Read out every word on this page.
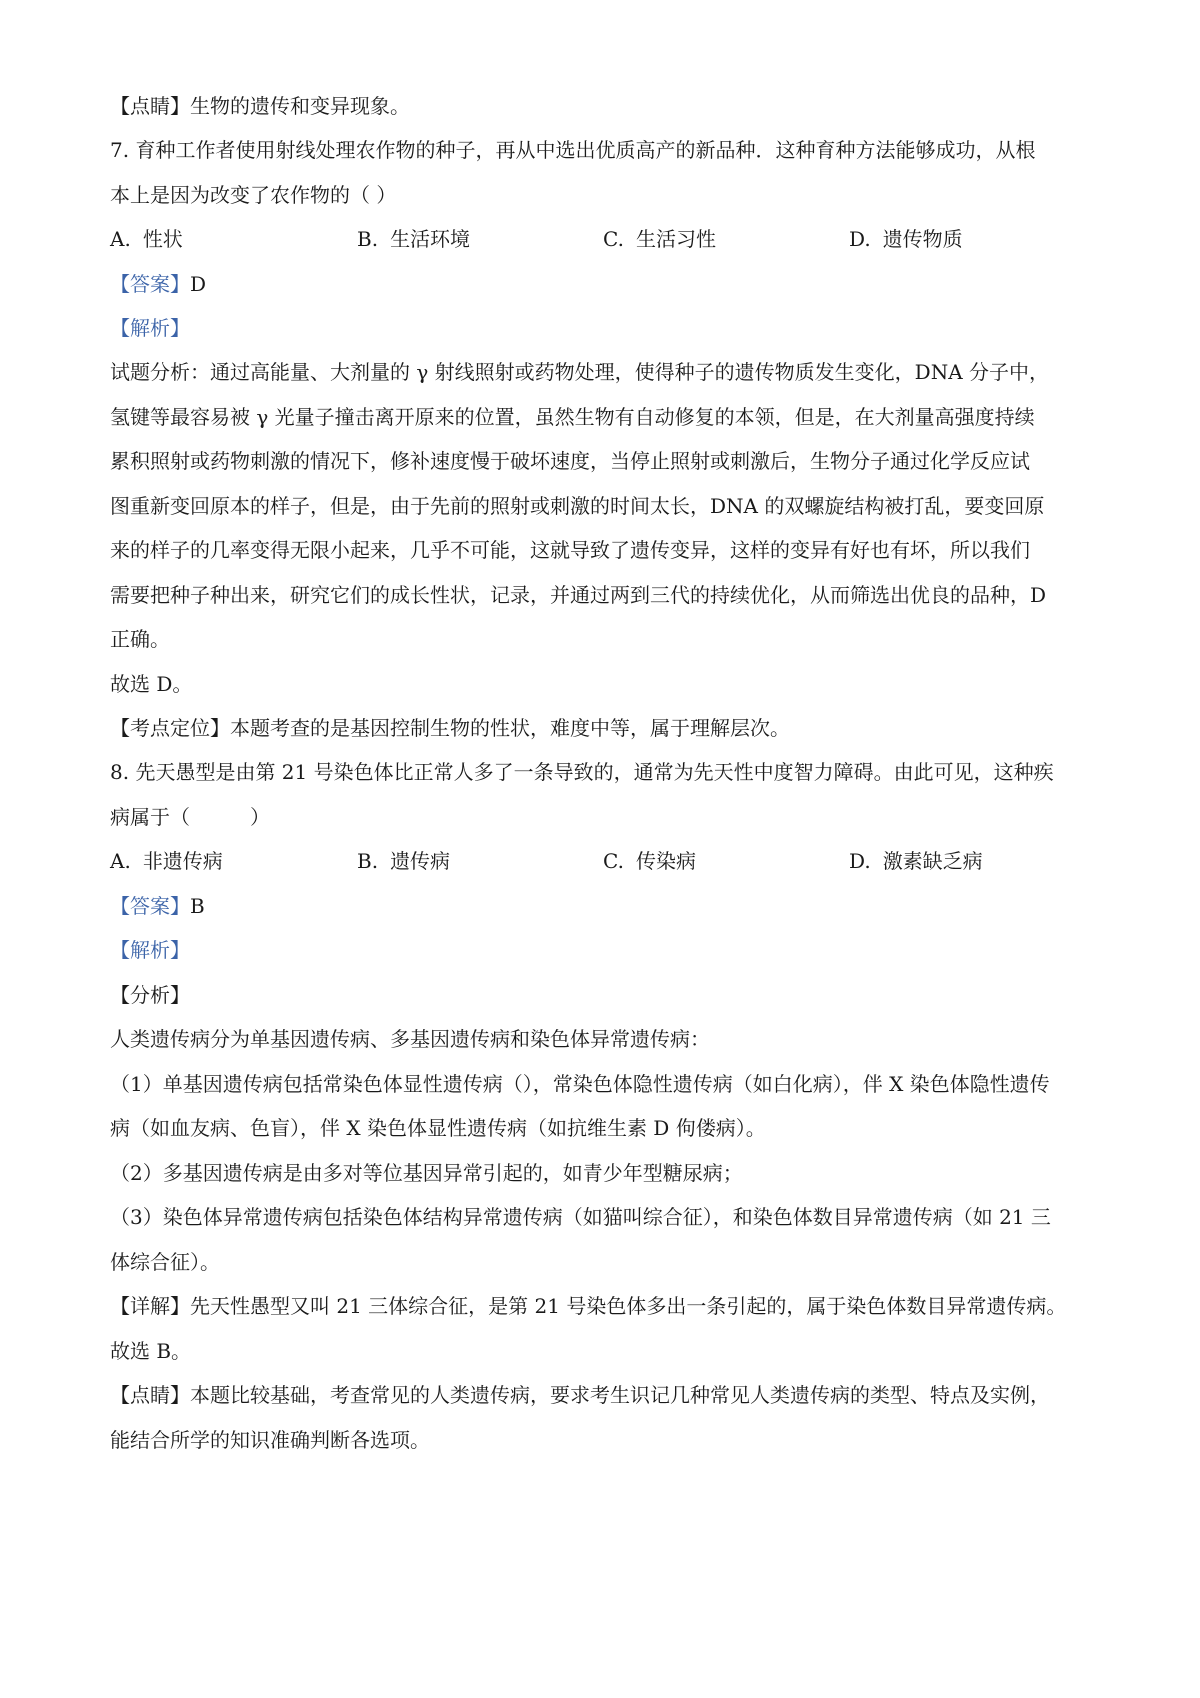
【点睛】生物的遗传和变异现象。
7. 育种工作者使用射线处理农作物的种子，再从中选出优质高产的新品种．这种育种方法能够成功，从根
本上是因为改变了农作物的（ ）
A. 性状	B. 生活环境	C. 生活习性	D. 遗传物质
【答案】D
【解析】
试题分析：通过高能量、大剂量的 γ 射线照射或药物处理，使得种子的遗传物质发生变化，DNA 分子中，
氢键等最容易被 γ 光量子撞击离开原来的位置，虽然生物有自动修复的本领，但是，在大剂量高强度持续
累积照射或药物刺激的情况下，修补速度慢于破坏速度，当停止照射或刺激后，生物分子通过化学反应试
图重新变回原本的样子，但是，由于先前的照射或刺激的时间太长，DNA 的双螺旋结构被打乱，要变回原
来的样子的几率变得无限小起来，几乎不可能，这就导致了遗传变异，这样的变异有好也有坏，所以我们
需要把种子种出来，研究它们的成长性状，记录，并通过两到三代的持续优化，从而筛选出优良的品种，D
正确。
故选 D。
【考点定位】本题考查的是基因控制生物的性状，难度中等，属于理解层次。
8. 先天愚型是由第 21 号染色体比正常人多了一条导致的，通常为先天性中度智力障碍。由此可见，这种疾
病属于（　　　）
A. 非遗传病	B. 遗传病	C. 传染病	D. 激素缺乏病
【答案】B
【解析】
【分析】
人类遗传病分为单基因遗传病、多基因遗传病和染色体异常遗传病：
（1）单基因遗传病包括常染色体显性遗传病（），常染色体隐性遗传病（如白化病），伴 X 染色体隐性遗传
病（如血友病、色盲），伴 X 染色体显性遗传病（如抗维生素 D 佝偻病）。
（2）多基因遗传病是由多对等位基因异常引起的，如青少年型糖尿病；
（3）染色体异常遗传病包括染色体结构异常遗传病（如猫叫综合征），和染色体数目异常遗传病（如 21 三
体综合征）。
【详解】先天性愚型又叫 21 三体综合征，是第 21 号染色体多出一条引起的，属于染色体数目异常遗传病。
故选 B。
【点睛】本题比较基础，考查常见的人类遗传病，要求考生识记几种常见人类遗传病的类型、特点及实例，
能结合所学的知识准确判断各选项。
